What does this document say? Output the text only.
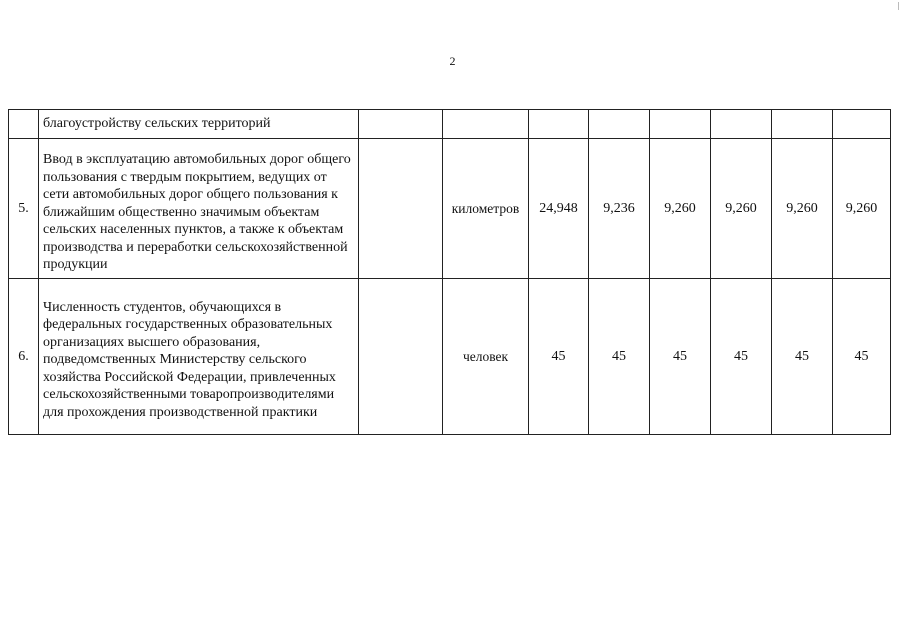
2
	благоустройству сельских территорий								
5.	Ввод в эксплуатацию автомобильных дорог общего пользования с твердым покрытием, ведущих от сети автомобильных дорог общего пользования к ближайшим общественно значимым объектам сельских населенных пунктов, а также к объектам производства и переработки сельскохозяйственной продукции		километров	24,948	9,236	9,260	9,260	9,260	9,260
6.	Численность студентов, обучающихся в федеральных государственных образовательных организациях высшего образования, подведомственных Министерству сельского хозяйства Российской Федерации, привлеченных сельскохозяйственными товаропроизводителями для прохождения производственной практики		человек	45	45	45	45	45	45
